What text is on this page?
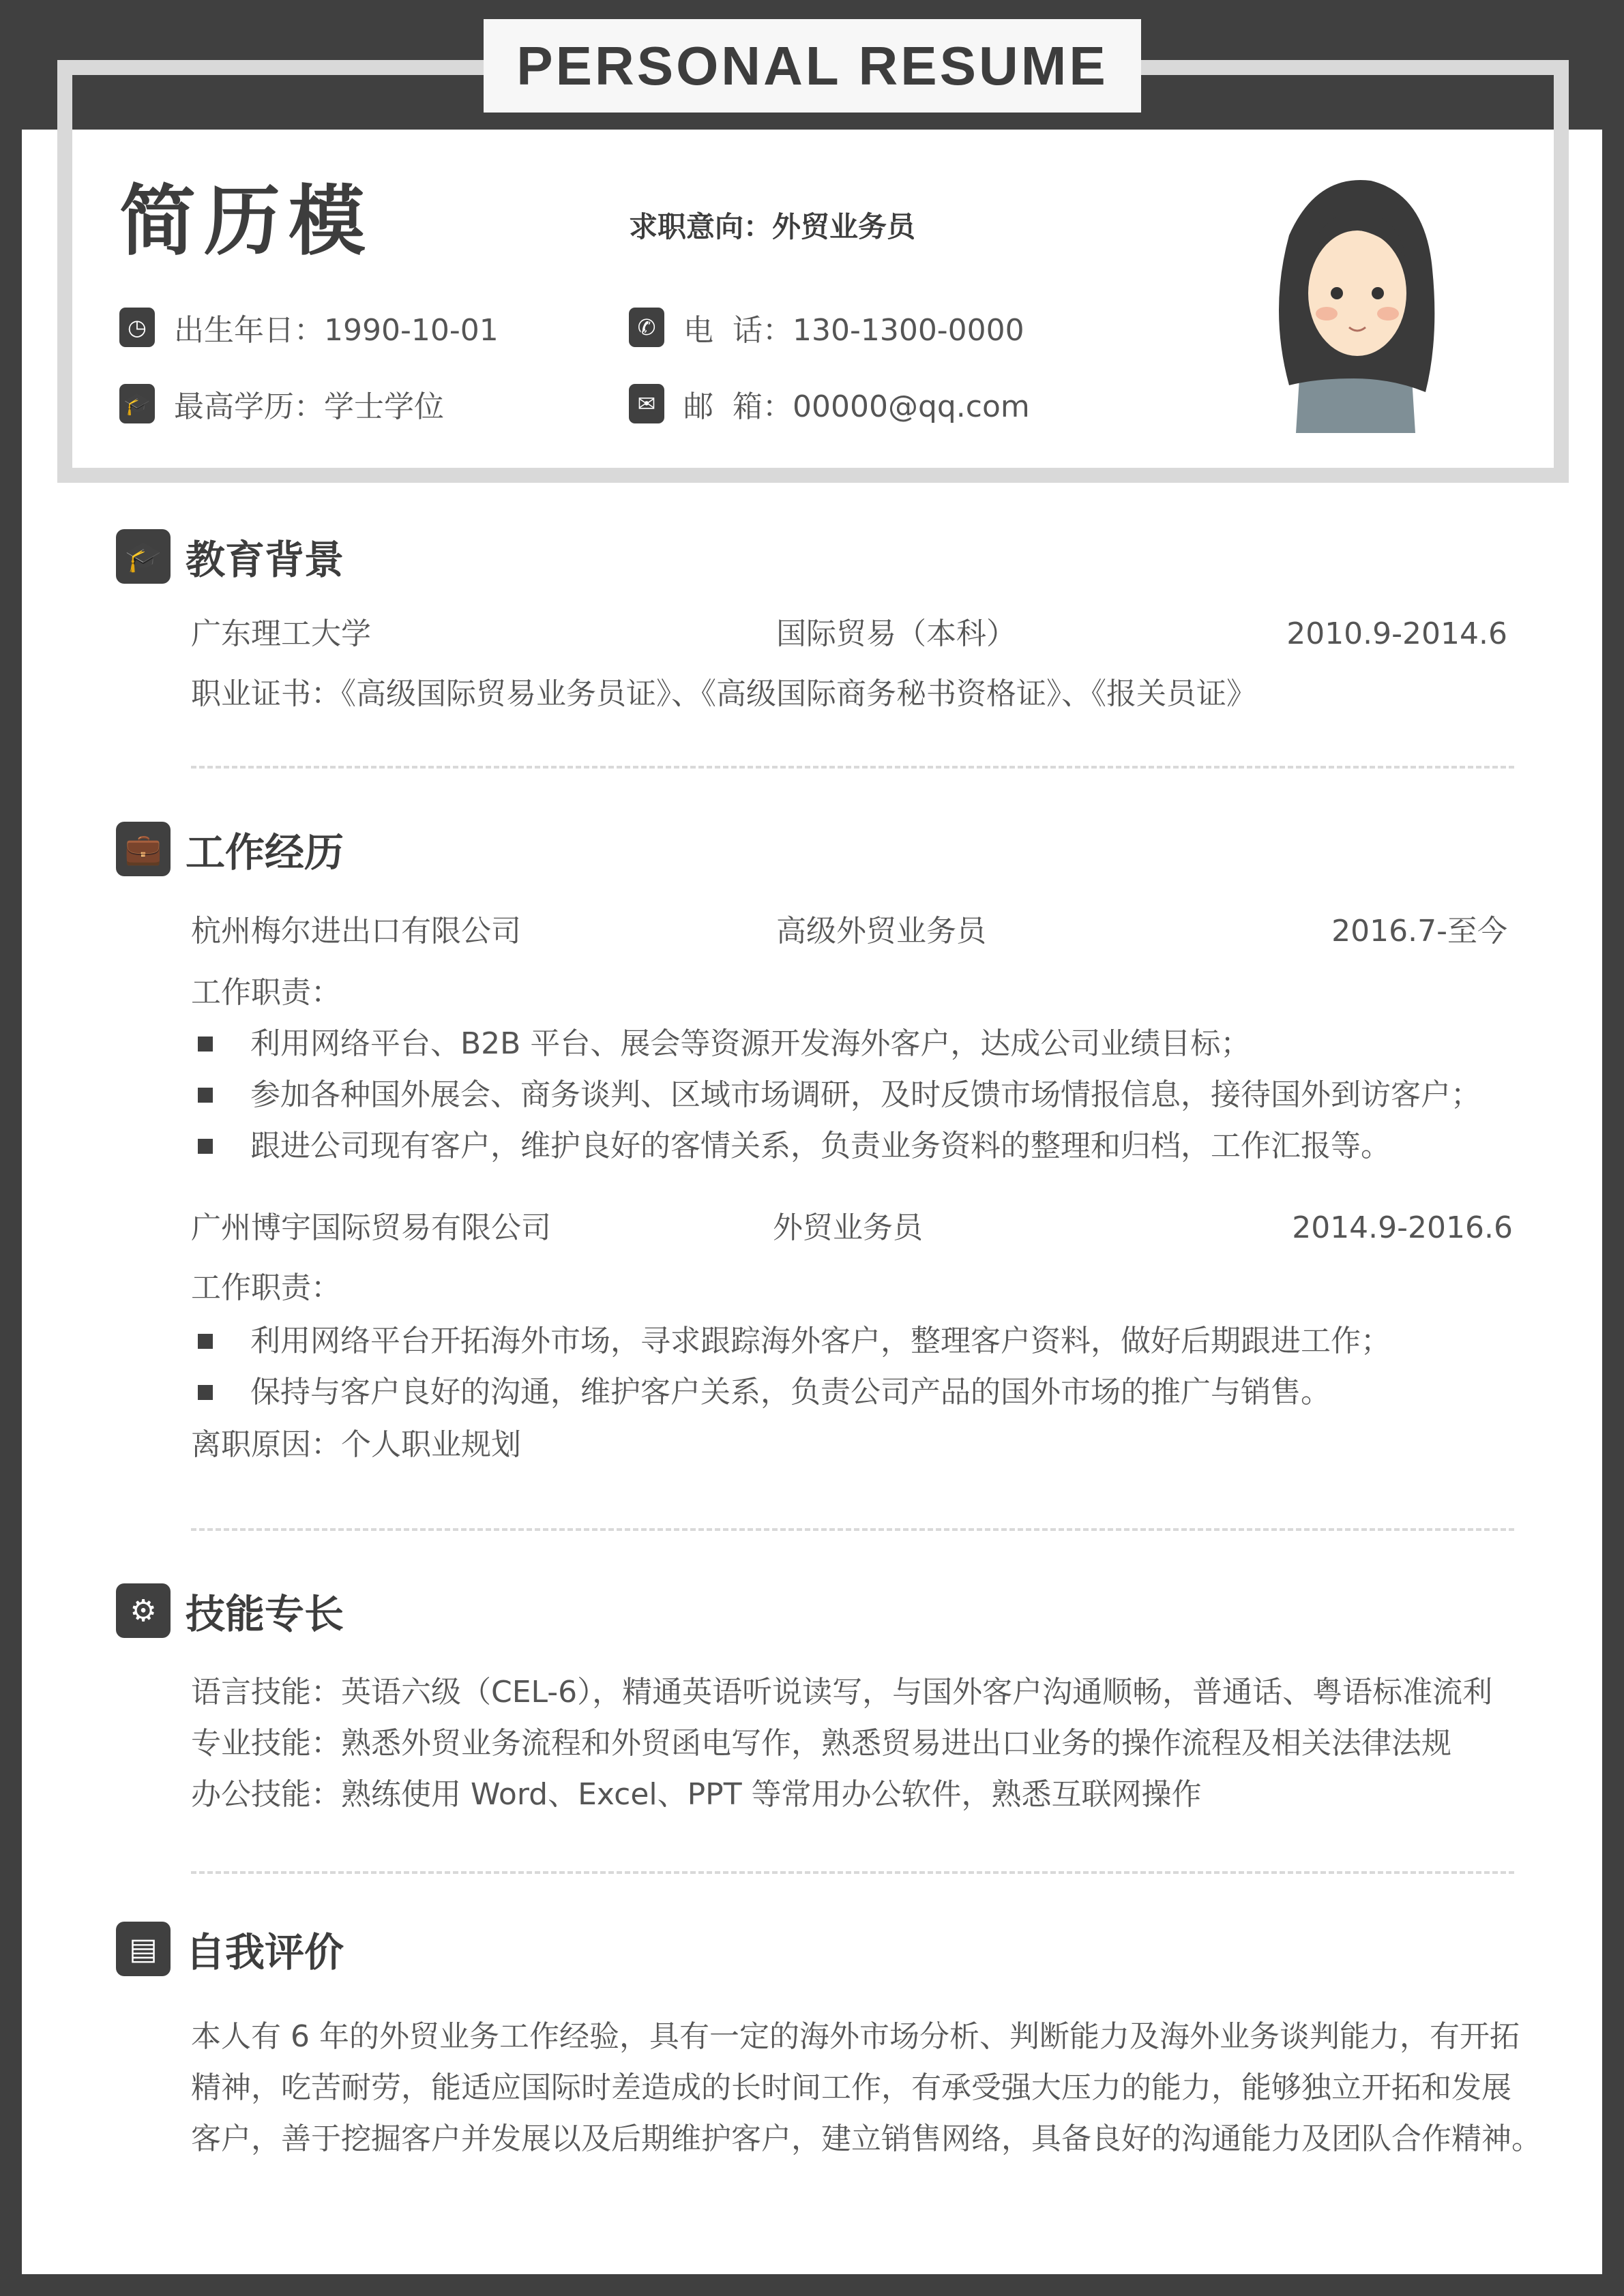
PERSONAL RESUME
简历模	求职意向：外贸业务员
◷ 出生年日：1990-10-01	✆ 电  话：130-1300-0000
🎓 最高学历：学士学位	✉ 邮  箱：00000@qq.com
🎓 教育背景
广东理工大学	国际贸易（本科）	2010.9-2014.6
职业证书：《高级国际贸易业务员证》、《高级国际商务秘书资格证》、《报关员证》
💼 工作经历
杭州梅尔进出口有限公司	高级外贸业务员	2016.7-至今
工作职责：
利用网络平台、B2B 平台、展会等资源开发海外客户，达成公司业绩目标；
参加各种国外展会、商务谈判、区域市场调研，及时反馈市场情报信息，接待国外到访客户；
跟进公司现有客户，维护良好的客情关系，负责业务资料的整理和归档，工作汇报等。
广州博宇国际贸易有限公司	外贸业务员	2014.9-2016.6
工作职责：
利用网络平台开拓海外市场，寻求跟踪海外客户，整理客户资料，做好后期跟进工作；
保持与客户良好的沟通，维护客户关系，负责公司产品的国外市场的推广与销售。
离职原因：个人职业规划
⚙ 技能专长
语言技能：英语六级（CEL-6），精通英语听说读写，与国外客户沟通顺畅，普通话、粤语标准流利
专业技能：熟悉外贸业务流程和外贸函电写作，熟悉贸易进出口业务的操作流程及相关法律法规
办公技能：熟练使用 Word、Excel、PPT 等常用办公软件，熟悉互联网操作
▤ 自我评价
本人有 6 年的外贸业务工作经验，具有一定的海外市场分析、判断能力及海外业务谈判能力，有开拓
精神，吃苦耐劳，能适应国际时差造成的长时间工作，有承受强大压力的能力，能够独立开拓和发展
客户，善于挖掘客户并发展以及后期维护客户，建立销售网络，具备良好的沟通能力及团队合作精神。
